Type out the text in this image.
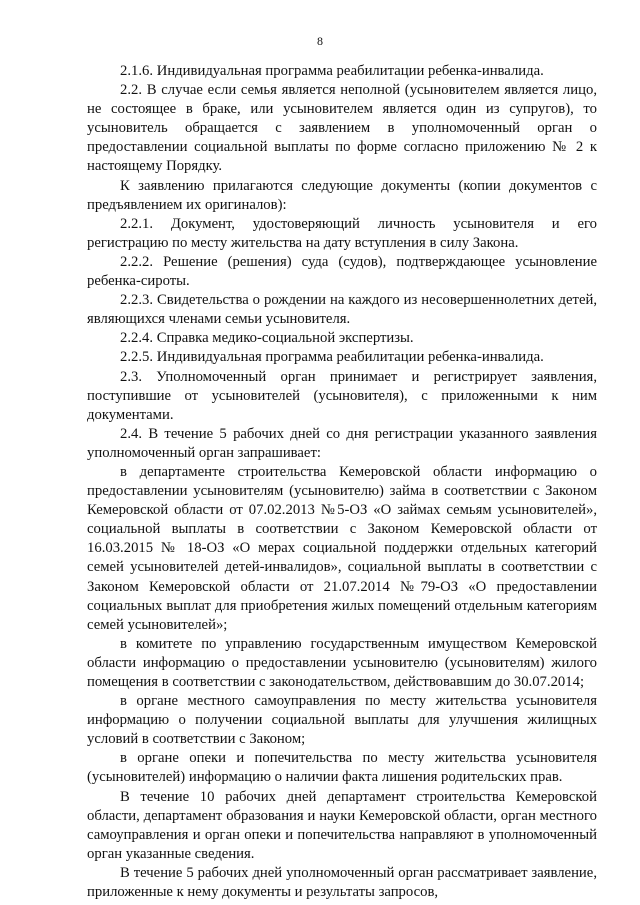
8

2.1.6. Индивидуальная программа реабилитации ребенка-инвалида.

2.2. В случае если семья является неполной (усыновителем является лицо, не состоящее в браке, или усыновителем является один из супругов), то усыновитель обращается с заявлением в уполномоченный орган о предоставлении социальной выплаты по форме согласно приложению № 2 к настоящему Порядку.

К заявлению прилагаются следующие документы (копии документов с предъявлением их оригиналов):

2.2.1. Документ, удостоверяющий личность усыновителя и его регистрацию по месту жительства на дату вступления в силу Закона.

2.2.2. Решение (решения) суда (судов), подтверждающее усыновление ребенка-сироты.

2.2.3. Свидетельства о рождении на каждого из несовершеннолетних детей, являющихся членами семьи усыновителя.

2.2.4. Справка медико-социальной экспертизы.

2.2.5. Индивидуальная программа реабилитации ребенка-инвалида.

2.3. Уполномоченный орган принимает и регистрирует заявления, поступившие от усыновителей (усыновителя), с приложенными к ним документами.

2.4. В течение 5 рабочих дней со дня регистрации указанного заявления уполномоченный орган запрашивает:

в департаменте строительства Кемеровской области информацию о предоставлении усыновителям (усыновителю) займа в соответствии с Законом Кемеровской области от 07.02.2013 №5-ОЗ «О займах семьям усыновителей», социальной выплаты в соответствии с Законом Кемеровской области от 16.03.2015 № 18-ОЗ «О мерах социальной поддержки отдельных категорий семей усыновителей детей-инвалидов», социальной выплаты в соответствии с Законом Кемеровской области от 21.07.2014 №79-ОЗ «О предоставлении социальных выплат для приобретения жилых помещений отдельным категориям семей усыновителей»;

в комитете по управлению государственным имуществом Кемеровской области информацию о предоставлении усыновителю (усыновителям) жилого помещения в соответствии с законодательством, действовавшим до 30.07.2014;

в органе местного самоуправления по месту жительства усыновителя информацию о получении социальной выплаты для улучшения жилищных условий в соответствии с Законом;

в органе опеки и попечительства по месту жительства усыновителя (усыновителей) информацию о наличии факта лишения родительских прав.

В течение 10 рабочих дней департамент строительства Кемеровской области, департамент образования и науки Кемеровской области, орган местного самоуправления и орган опеки и попечительства направляют в уполномоченный орган указанные сведения.

В течение 5 рабочих дней уполномоченный орган рассматривает заявление, приложенные к нему документы и результаты запросов,
